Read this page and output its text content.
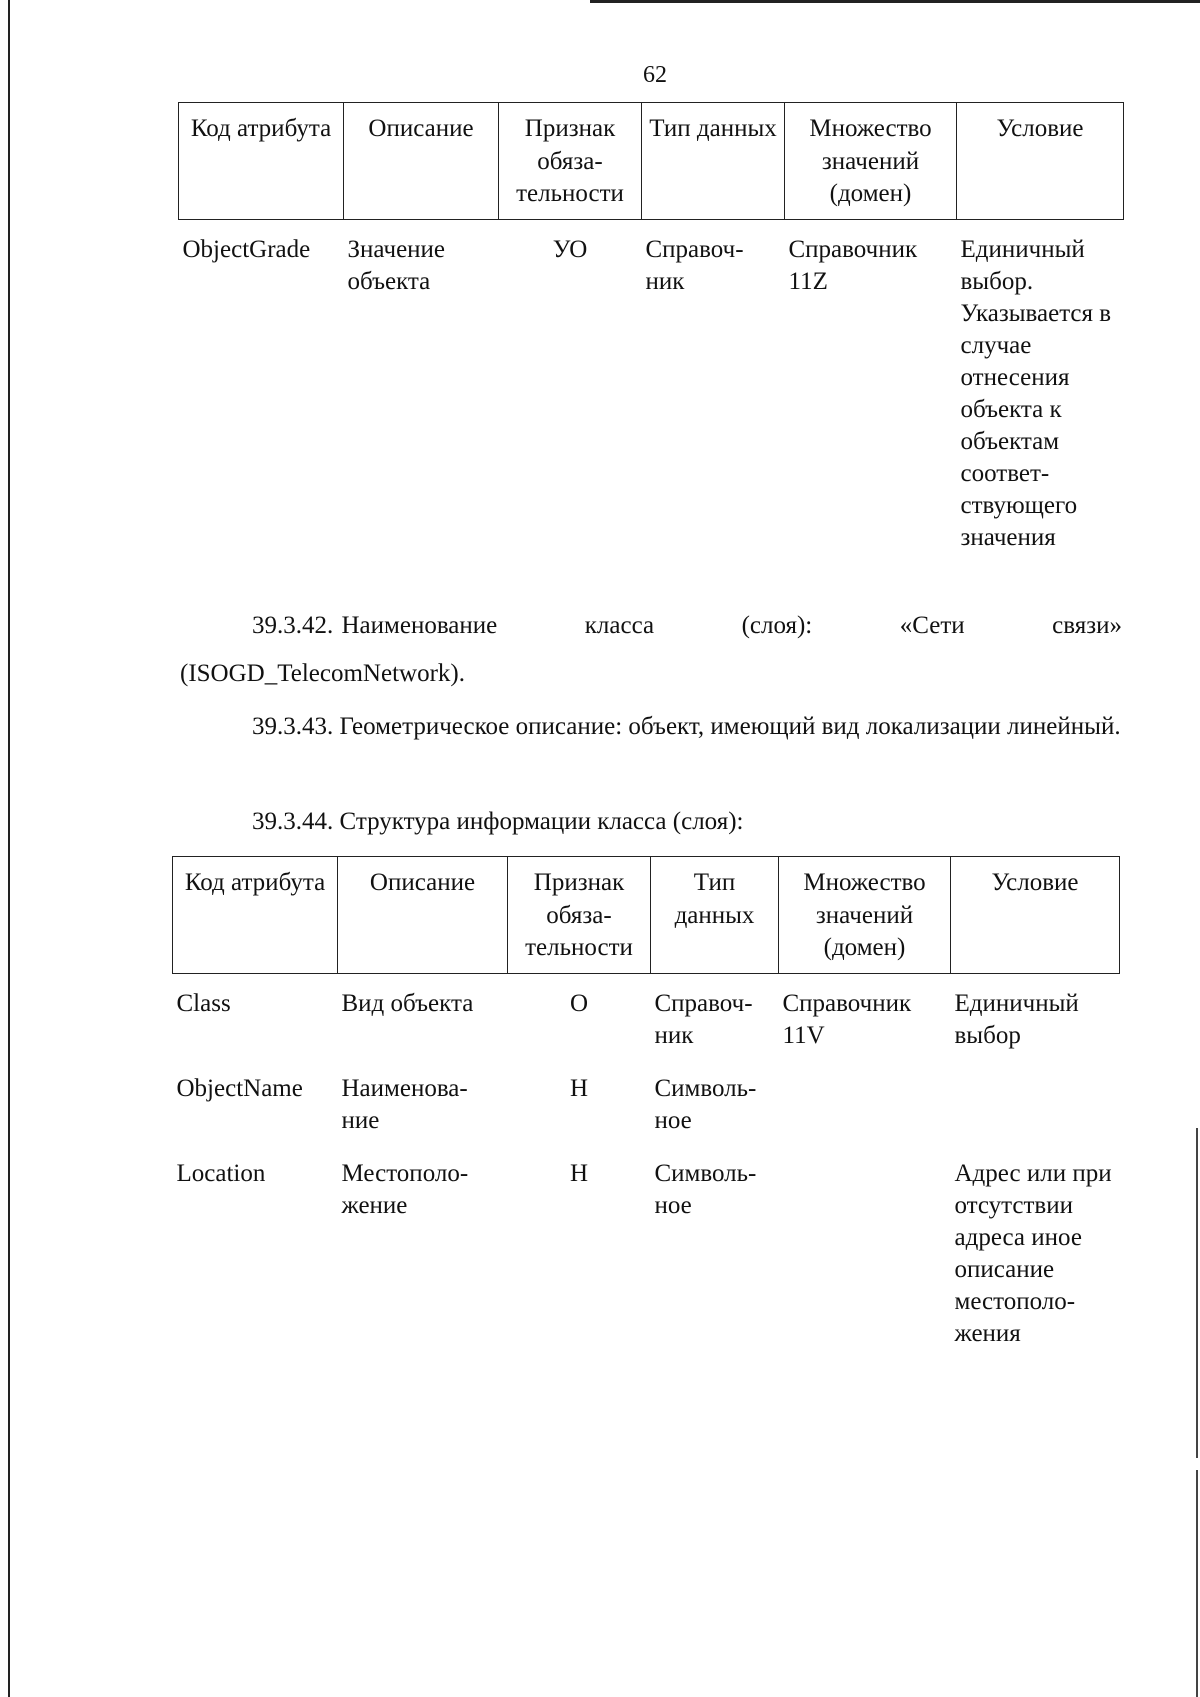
62
Код атрибута	Описание	Признак обяза-тельности	Тип данных	Множество значений (домен)	Условие

ObjectGrade	Значение объекта	УО	Справоч-ник	Справочник 11Z	Единичный выбор. Указывается в случае отнесения объекта к объектам соответ-ствующего значения
39.3.42. Наименование	класса	(слоя):	«Сети	связи»
(ISOGD_TelecomNetwork).

39.3.43. Геометрическое описание: объект, имеющий вид локализации линейный.

39.3.44. Структура информации класса (слоя):

Код атрибута	Описание	Признак обяза-тельности	Тип данных	Множество значений (домен)	Условие

Class	Вид объекта	О	Справоч-ник	Справочник 11V	Единичный выбор
ObjectName	Наименова-ние	Н	Символь-ное		
Location	Местополо-жение	Н	Символь-ное		Адрес или при отсутствии адреса иное описание местополо-жения
